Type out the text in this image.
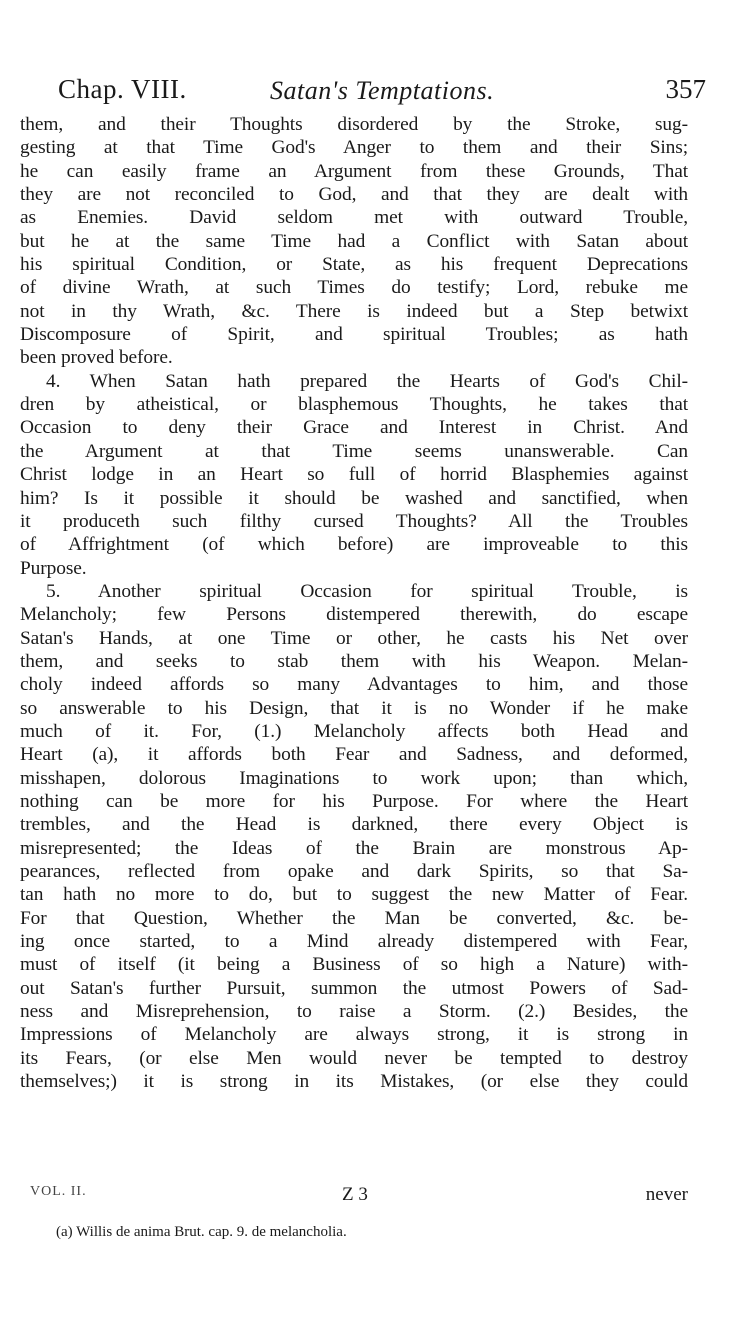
Chap. VIII.	Satan's Temptations.	357
them, and their Thoughts disordered by the Stroke, sug-
gesting at that Time God's Anger to them and their Sins;
he can easily frame an Argument from these Grounds, That
they are not reconciled to God, and that they are dealt with
as Enemies. David seldom met with outward Trouble,
but he at the same Time had a Conflict with Satan about
his spiritual Condition, or State, as his frequent Deprecations
of divine Wrath, at such Times do testify; Lord, rebuke me
not in thy Wrath, &c. There is indeed but a Step betwixt
Discomposure of Spirit, and spiritual Troubles; as hath
been proved before.
4. When Satan hath prepared the Hearts of God's Chil-
dren by atheistical, or blasphemous Thoughts, he takes that
Occasion to deny their Grace and Interest in Christ. And
the Argument at that Time seems unanswerable. Can
Christ lodge in an Heart so full of horrid Blasphemies against
him? Is it possible it should be washed and sanctified, when
it produceth such filthy cursed Thoughts? All the Troubles
of Affrightment (of which before) are improveable to this
Purpose.
5. Another spiritual Occasion for spiritual Trouble, is
Melancholy; few Persons distempered therewith, do escape
Satan's Hands, at one Time or other, he casts his Net over
them, and seeks to stab them with his Weapon. Melan-
choly indeed affords so many Advantages to him, and those
so answerable to his Design, that it is no Wonder if he make
much of it. For, (1.) Melancholy affects both Head and
Heart (a), it affords both Fear and Sadness, and deformed,
misshapen, dolorous Imaginations to work upon; than which,
nothing can be more for his Purpose. For where the Heart
trembles, and the Head is darkned, there every Object is
misrepresented; the Ideas of the Brain are monstrous Ap-
pearances, reflected from opake and dark Spirits, so that Sa-
tan hath no more to do, but to suggest the new Matter of Fear.
For that Question, Whether the Man be converted, &c. be-
ing once started, to a Mind already distempered with Fear,
must of itself (it being a Business of so high a Nature) with-
out Satan's further Pursuit, summon the utmost Powers of Sad-
ness and Misreprehension, to raise a Storm. (2.) Besides, the
Impressions of Melancholy are always strong, it is strong in
its Fears, (or else Men would never be tempted to destroy
themselves;) it is strong in its Mistakes, (or else they could
VOL. II.	Z 3	never
(a) Willis de anima Brut. cap. 9. de melancholia.
